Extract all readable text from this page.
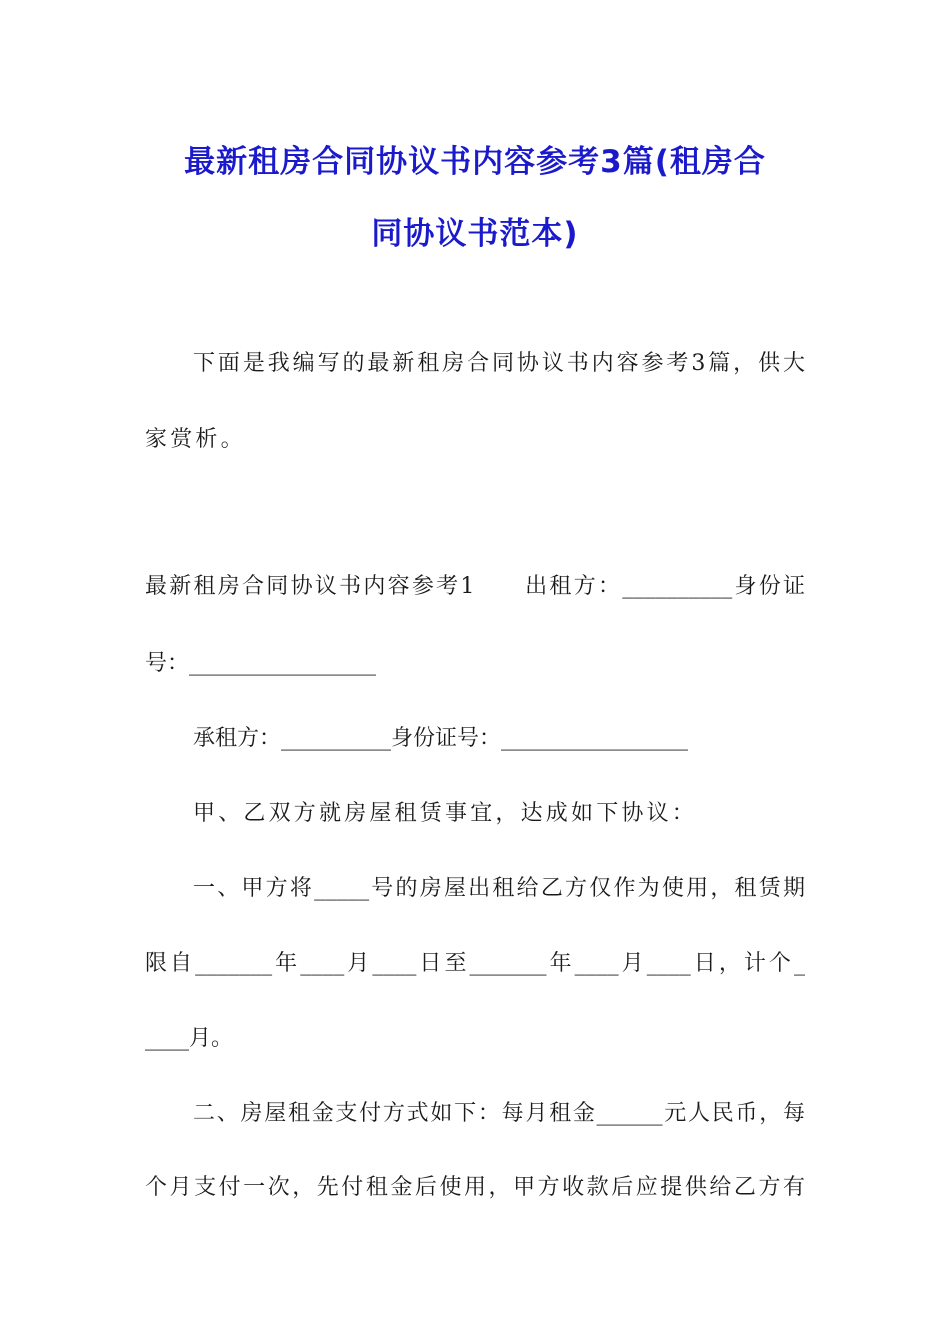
最新租房合同协议书内容参考3篇(租房合
同协议书范本)
下面是我编写的最新租房合同协议书内容参考3篇，供大
家赏析。
最新租房合同协议书内容参考1　　出租方：__________身份证
号：_________________
承租方：__________身份证号：_________________
甲、乙双方就房屋租赁事宜，达成如下协议：
一、甲方将_____号的房屋出租给乙方仅作为使用，租赁期
限自_______年____月____日至_______年____月____日，计个_
____月。
二、房屋租金支付方式如下：每月租金______元人民币，每
个月支付一次，先付租金后使用，甲方收款后应提供给乙方有
